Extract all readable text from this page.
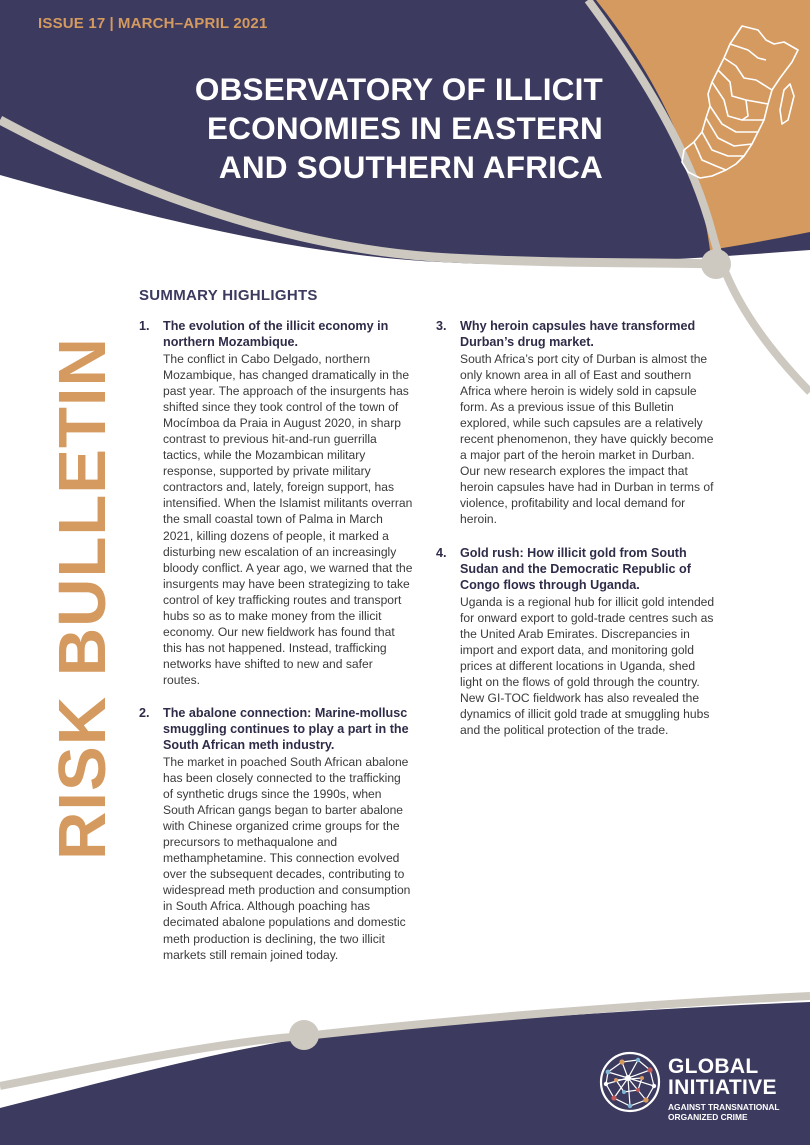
ISSUE 17 | MARCH–APRIL 2021
OBSERVATORY OF ILLICIT
ECONOMIES IN EASTERN
AND SOUTHERN AFRICA
RISK BULLETIN
SUMMARY HIGHLIGHTS
1. The evolution of the illicit economy in northern Mozambique.

The conflict in Cabo Delgado, northern Mozambique, has changed dramatically in the past year. The approach of the insurgents has shifted since they took control of the town of Mocímboa da Praia in August 2020, in sharp contrast to previous hit-and-run guerrilla tactics, while the Mozambican military response, supported by private military contractors and, lately, foreign support, has intensified. When the Islamist militants overran the small coastal town of Palma in March 2021, killing dozens of people, it marked a disturbing new escalation of an increasingly bloody conflict. A year ago, we warned that the insurgents may have been strategizing to take control of key trafficking routes and transport hubs so as to make money from the illicit economy. Our new fieldwork has found that this has not happened. Instead, trafficking networks have shifted to new and safer routes.

2. The abalone connection: Marine-mollusc smuggling continues to play a part in the South African meth industry.

The market in poached South African abalone has been closely connected to the trafficking of synthetic drugs since the 1990s, when South African gangs began to barter abalone with Chinese organized crime groups for the precursors to methaqualone and methamphetamine. This connection evolved over the subsequent decades, contributing to widespread meth production and consumption in South Africa. Although poaching has decimated abalone populations and domestic meth production is declining, the two illicit markets still remain joined today.

3. Why heroin capsules have transformed Durban’s drug market.

South Africa’s port city of Durban is almost the only known area in all of East and southern Africa where heroin is widely sold in capsule form. As a previous issue of this Bulletin explored, while such capsules are a relatively recent phenomenon, they have quickly become a major part of the heroin market in Durban. Our new research explores the impact that heroin capsules have had in Durban in terms of violence, profitability and local demand for heroin.

4. Gold rush: How illicit gold from South Sudan and the Democratic Republic of Congo flows through Uganda.

Uganda is a regional hub for illicit gold intended for onward export to gold-trade centres such as the United Arab Emirates. Discrepancies in import and export data, and monitoring gold prices at different locations in Uganda, shed light on the flows of gold through the country. New GI-TOC fieldwork has also revealed the dynamics of illicit gold trade at smuggling hubs and the political protection of the trade.

GLOBAL
INITIATIVE
AGAINST TRANSNATIONAL
ORGANIZED CRIME
